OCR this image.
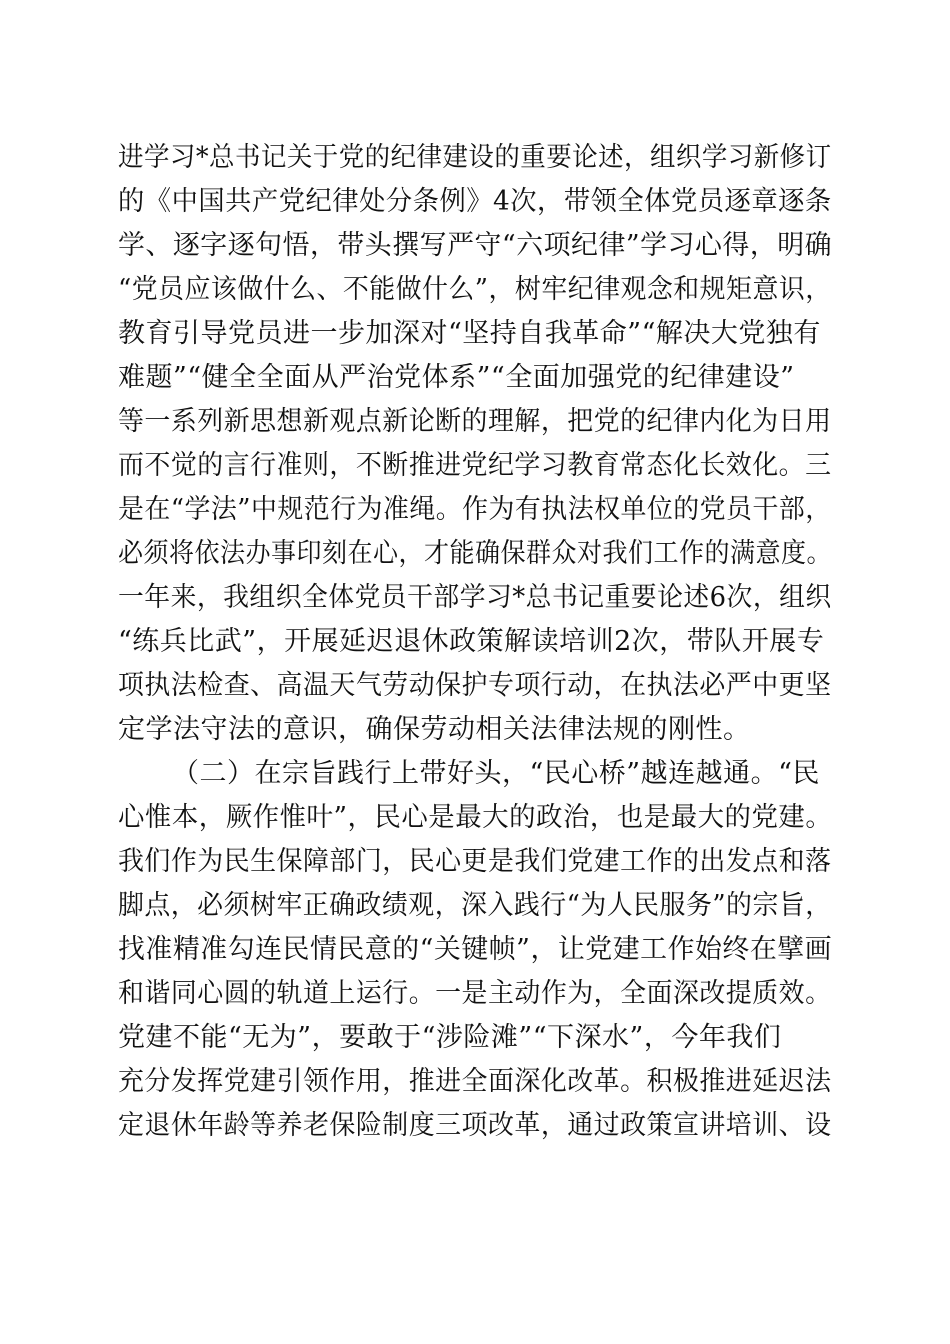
进学习*总书记关于党的纪律建设的重要论述，组织学习新修订
的《中国共产党纪律处分条例》4次，带领全体党员逐章逐条
学、逐字逐句悟，带头撰写严守“六项纪律”学习心得，明确
“党员应该做什么、不能做什么”，树牢纪律观念和规矩意识，
教育引导党员进一步加深对“坚持自我革命”“解决大党独有
难题”“健全全面从严治党体系”“全面加强党的纪律建设”
等一系列新思想新观点新论断的理解，把党的纪律内化为日用
而不觉的言行准则，不断推进党纪学习教育常态化长效化。三
是在“学法”中规范行为准绳。作为有执法权单位的党员干部，
必须将依法办事印刻在心，才能确保群众对我们工作的满意度。
一年来，我组织全体党员干部学习*总书记重要论述6次，组织
“练兵比武”，开展延迟退休政策解读培训2次，带队开展专
项执法检查、高温天气劳动保护专项行动，在执法必严中更坚
定学法守法的意识，确保劳动相关法律法规的刚性。
（二）在宗旨践行上带好头，“民心桥”越连越通。“民
心惟本，厥作惟叶”，民心是最大的政治，也是最大的党建。
我们作为民生保障部门，民心更是我们党建工作的出发点和落
脚点，必须树牢正确政绩观，深入践行“为人民服务”的宗旨，
找准精准勾连民情民意的“关键帧”，让党建工作始终在擘画
和谐同心圆的轨道上运行。一是主动作为，全面深改提质效。
党建不能“无为”，要敢于“涉险滩”“下深水”，今年我们
充分发挥党建引领作用，推进全面深化改革。积极推进延迟法
定退休年龄等养老保险制度三项改革，通过政策宣讲培训、设
